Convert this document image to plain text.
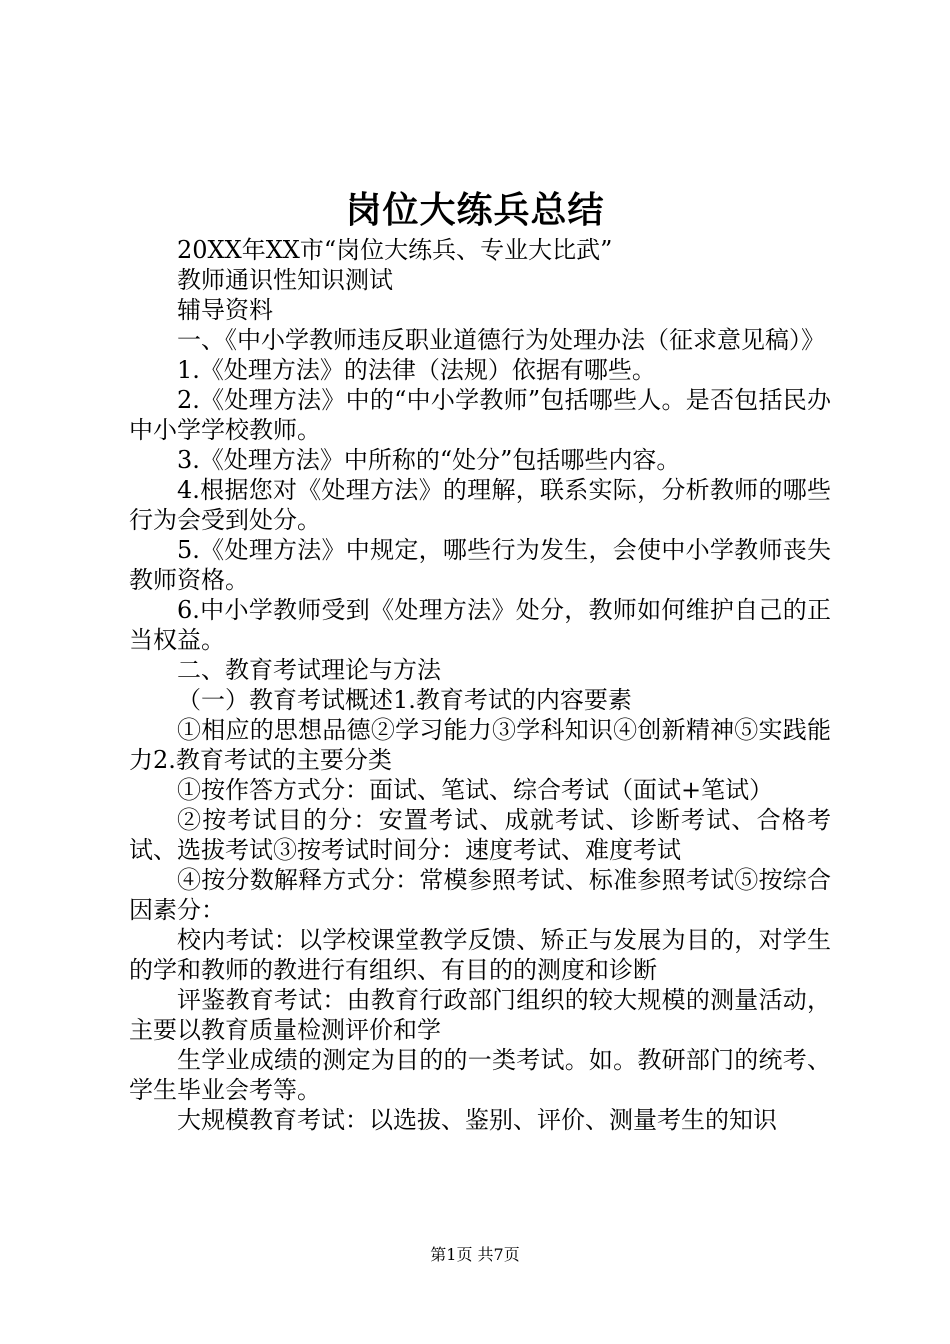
岗位大练兵总结

20XX年XX市“岗位大练兵、专业大比武”

教师通识性知识测试

辅导资料

一、《中小学教师违反职业道德行为处理办法（征求意见稿）》

1.《处理方法》的法律（法规）依据有哪些。

2.《处理方法》中的“中小学教师”包括哪些人。是否包括民办中小学学校教师。

3.《处理方法》中所称的“处分”包括哪些内容。

4.根据您对《处理方法》的理解，联系实际，分析教师的哪些行为会受到处分。

5.《处理方法》中规定，哪些行为发生，会使中小学教师丧失教师资格。

6.中小学教师受到《处理方法》处分，教师如何维护自己的正当权益。

二、教育考试理论与方法

（一）教育考试概述1.教育考试的内容要素

①相应的思想品德②学习能力③学科知识④创新精神⑤实践能力2.教育考试的主要分类

①按作答方式分：面试、笔试、综合考试（面试+笔试）

②按考试目的分：安置考试、成就考试、诊断考试、合格考试、选拔考试③按考试时间分：速度考试、难度考试

④按分数解释方式分：常模参照考试、标准参照考试⑤按综合因素分：

校内考试：以学校课堂教学反馈、矫正与发展为目的，对学生的学和教师的教进行有组织、有目的的测度和诊断

评鉴教育考试：由教育行政部门组织的较大规模的测量活动，主要以教育质量检测评价和学

生学业成绩的测定为目的的一类考试。如。教研部门的统考、学生毕业会考等。

大规模教育考试：以选拔、鉴别、评价、测量考生的知识

第1页 共7页
